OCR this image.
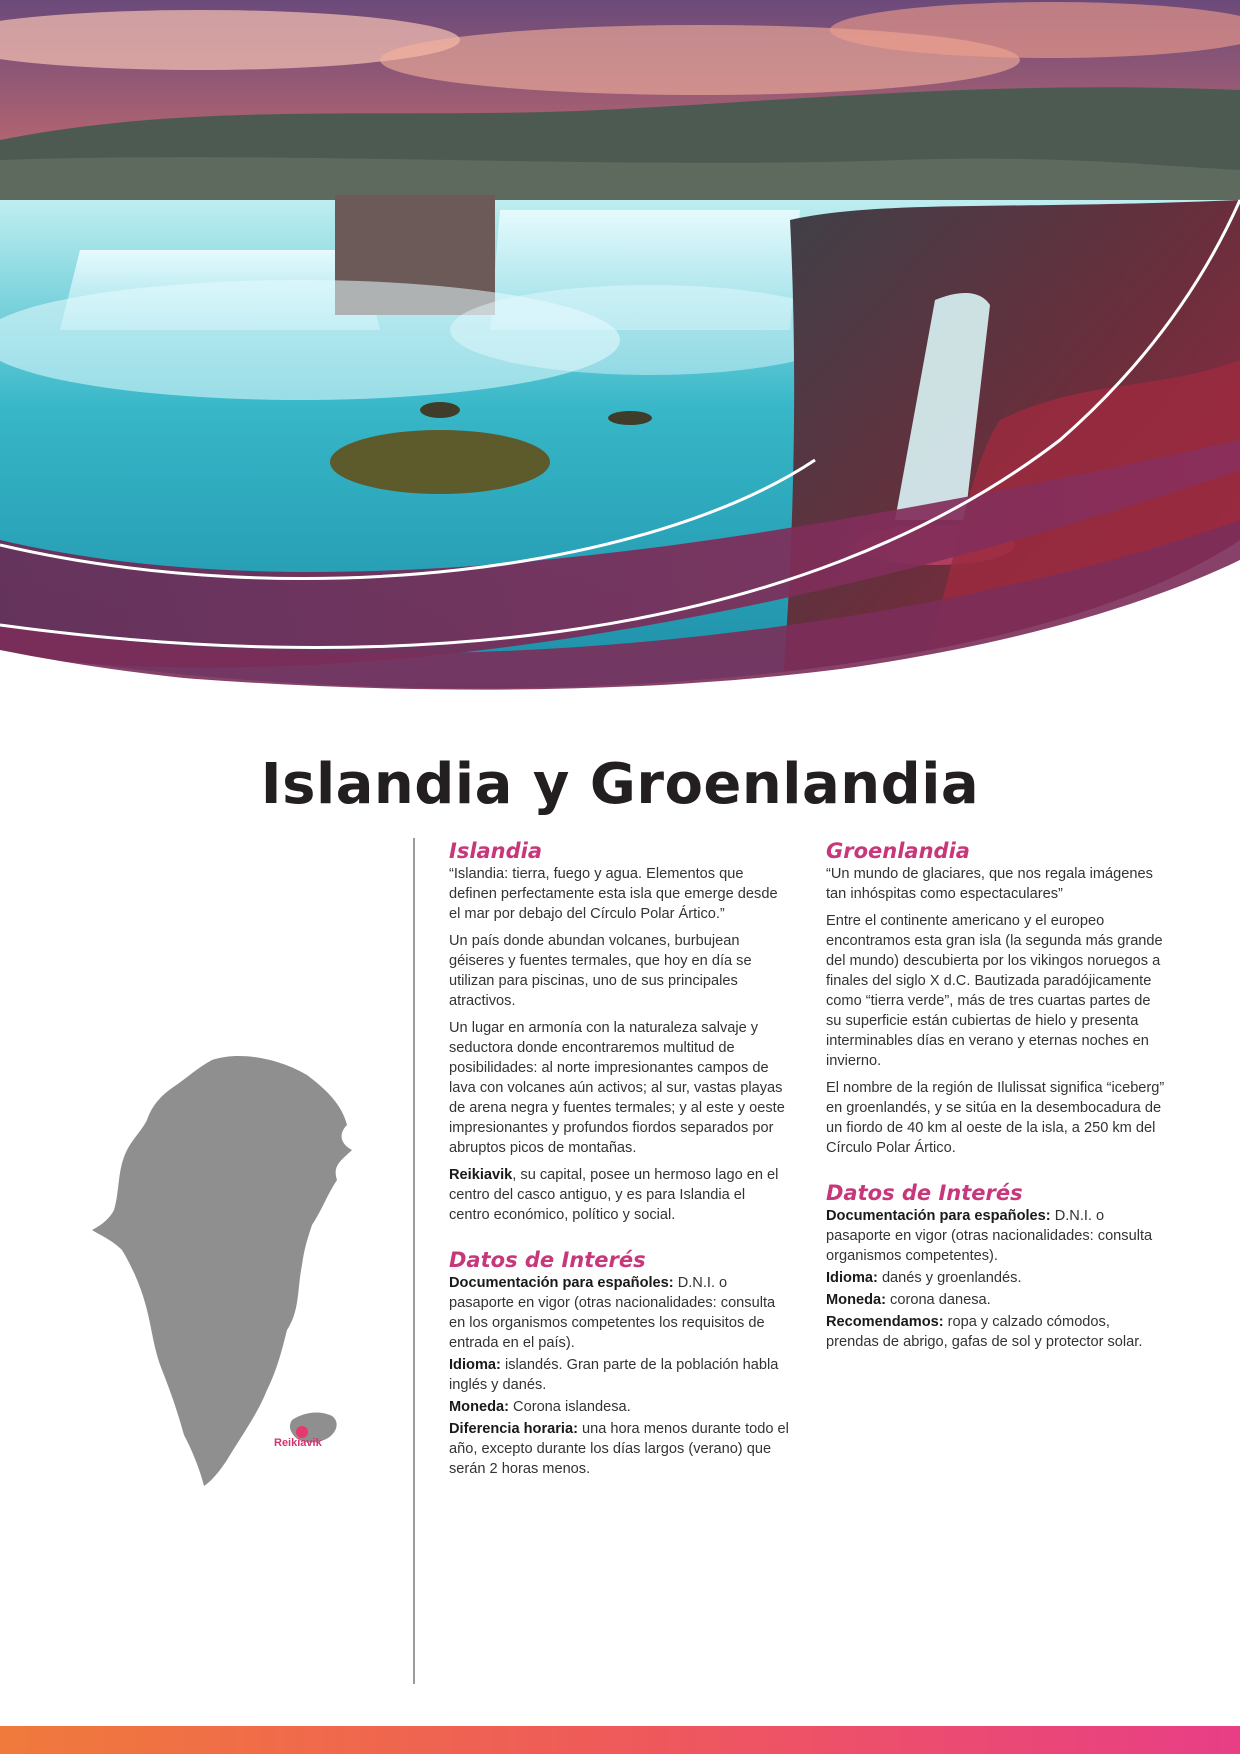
Islandia y Groenlandia
Reikiavik
Islandia

“Islandia: tierra, fuego y agua. Elementos que definen perfectamente esta isla que emerge desde el mar por debajo del Círculo Polar Ártico.”

Un país donde abundan volcanes, burbujean géiseres y fuentes termales, que hoy en día se utilizan para piscinas, uno de sus principales atractivos.

Un lugar en armonía con la naturaleza salvaje y seductora donde encontraremos multitud de posibilidades: al norte impresionantes campos de lava con volcanes aún activos; al sur, vastas playas de arena negra y fuentes termales; y al este y oeste impresionantes y profundos fiordos separados por abruptos picos de montañas.

Reikiavik, su capital, posee un hermoso lago en el centro del casco antiguo, y es para Islandia el centro económico, político y social.

Datos de Interés

Documentación para españoles: D.N.I. o pasaporte en vigor (otras nacionalidades: consulta en los organismos competentes los requisitos de entrada en el país).

Idioma: islandés. Gran parte de la población habla inglés y danés.

Moneda: Corona islandesa.

Diferencia horaria: una hora menos durante todo el año, excepto durante los días largos (verano) que serán 2 horas menos.

Groenlandia

“Un mundo de glaciares, que nos regala imágenes tan inhóspitas como espectaculares”

Entre el continente americano y el europeo encontramos esta gran isla (la segunda más grande del mundo) descubierta por los vikingos noruegos a finales del siglo X d.C. Bautizada paradójicamente como “tierra verde”, más de tres cuartas partes de su superficie están cubiertas de hielo y presenta interminables días en verano y eternas noches en invierno.

El nombre de la región de Ilulissat significa “iceberg” en groenlandés, y se sitúa en la desembocadura de un fiordo de 40 km al oeste de la isla, a 250 km del Círculo Polar Ártico.

Datos de Interés

Documentación para españoles: D.N.I. o pasaporte en vigor (otras nacionalidades: consulta organismos competentes).

Idioma: danés y groenlandés.

Moneda: corona danesa.

Recomendamos: ropa y calzado cómodos, prendas de abrigo, gafas de sol y protector solar.
